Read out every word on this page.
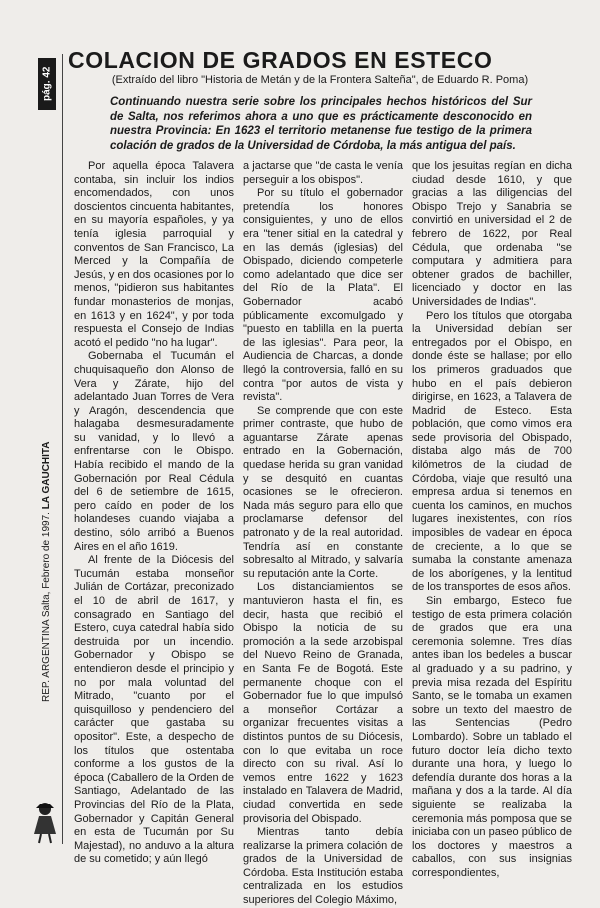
pág. 42
REP. ARGENTINA Salta, Febrero de 1997. LA GAUCHITA
COLACION DE GRADOS EN ESTECO
(Extraído del libro "Historia de Metán y de la Frontera Salteña", de Eduardo R. Poma)
Continuando nuestra serie sobre los principales hechos históricos del Sur de Salta, nos referimos ahora a uno que es prácticamente desconocido en nuestra Provincia: En 1623 el territorio metanense fue testigo de la primera colación de grados de la Universidad de Córdoba, la más antigua del país.

Por aquella época Talavera contaba, sin incluir los indios encomendados, con unos doscientos cincuenta habitantes, en su mayoría españoles, y ya tenía iglesia parroquial y conventos de San Francisco, La Merced y la Compañía de Jesús, y en dos ocasiones por lo menos, "pidieron sus habitantes fundar monasterios de monjas, en 1613 y en 1624", y por toda respuesta el Consejo de Indias acotó el pedido "no ha lugar".

Gobernaba el Tucumán el chuquisaqueño don Alonso de Vera y Zárate, hijo del adelantado Juan Torres de Vera y Aragón, descendencia que halagaba desmesuradamente su vanidad, y lo llevó a enfrentarse con le Obispo. Había recibido el mando de la Gobernación por Real Cédula del 6 de setiembre de 1615, pero caído en poder de los holandeses cuando viajaba a destino, sólo arribó a Buenos Aires en el año 1619.

Al frente de la Diócesis del Tucumán estaba monseñor Julián de Cortázar, preconizado el 10 de abril de 1617, y consagrado en Santiago del Estero, cuya catedral había sido destruida por un incendio. Gobernador y Obispo se entendieron desde el principio y no por mala voluntad del Mitrado, "cuanto por el quisquilloso y pendenciero del carácter que gastaba su opositor". Este, a despecho de los títulos que ostentaba conforme a los gustos de la época (Caballero de la Orden de Santiago, Adelantado de las Provincias del Río de la Plata, Gobernador y Capitán General en esta de Tucumán por Su Majestad), no anduvo a la altura de su cometido; y aún llegó

a jactarse que "de casta le venía perseguir a los obispos".

Por su título el gobernador pretendía los honores consiguientes, y uno de ellos era "tener sitial en la catedral y en las demás (iglesias) del Obispado, diciendo competerle como adelantado que dice ser del Río de la Plata". El Gobernador acabó públicamente excomulgado y "puesto en tablilla en la puerta de las iglesias". Para peor, la Audiencia de Charcas, a donde llegó la controversia, falló en su contra "por autos de vista y revista".

Se comprende que con este primer contraste, que hubo de aguantarse Zárate apenas entrado en la Gobernación, quedase herida su gran vanidad y se desquitó en cuantas ocasiones se le ofrecieron. Nada más seguro para ello que proclamarse defensor del patronato y de la real autoridad. Tendría así en constante sobresalto al Mitrado, y salvaría su reputación ante la Corte.

Los distanciamientos se mantuvieron hasta el fin, es decir, hasta que recibió el Obispo la noticia de su promoción a la sede arzobispal del Nuevo Reino de Granada, en Santa Fe de Bogotá. Este permanente choque con el Gobernador fue lo que impulsó a monseñor Cortázar a organizar frecuentes visitas a distintos puntos de su Diócesis, con lo que evitaba un roce directo con su rival. Así lo vemos entre 1622 y 1623 instalado en Talavera de Madrid, ciudad convertida en sede provisoria del Obispado.

Mientras tanto debía realizarse la primera colación de grados de la Universidad de Córdoba. Esta Institución estaba centralizada en los estudios superiores del Colegio Máximo,

que los jesuitas regían en dicha ciudad desde 1610, y que gracias a las diligencias del Obispo Trejo y Sanabria se convirtió en universidad el 2 de febrero de 1622, por Real Cédula, que ordenaba "se computara y admitiera para obtener grados de bachiller, licenciado y doctor en las Universidades de Indias".

Pero los títulos que otorgaba la Universidad debían ser entregados por el Obispo, en donde éste se hallase; por ello los primeros graduados que hubo en el país debieron dirigirse, en 1623, a Talavera de Madrid de Esteco. Esta población, que como vimos era sede provisoria del Obispado, distaba algo más de 700 kilómetros de la ciudad de Córdoba, viaje que resultó una empresa ardua si tenemos en cuenta los caminos, en muchos lugares inexistentes, con ríos imposibles de vadear en época de creciente, a lo que se sumaba la constante amenaza de los aborígenes, y la lentitud de los transportes de esos años.

Sin embargo, Esteco fue testigo de esta primera colación de grados que era una ceremonia solemne. Tres días antes iban los bedeles a buscar al graduado y a su padrino, y previa misa rezada del Espíritu Santo, se le tomaba un examen sobre un texto del maestro de las Sentencias (Pedro Lombardo). Sobre un tablado el futuro doctor leía dicho texto durante una hora, y luego lo defendía durante dos horas a la mañana y dos a la tarde. Al día siguiente se realizaba la ceremonia más pomposa que se iniciaba con un paseo público de los doctores y maestros a caballos, con sus insignias correspondientes,
